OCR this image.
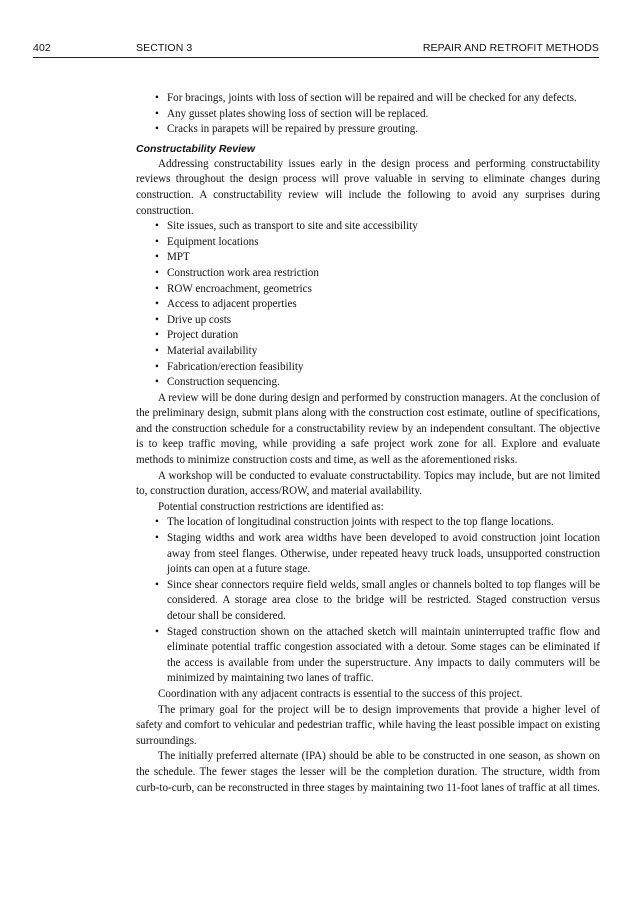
402	SECTION 3	REPAIR AND RETROFIT METHODS
• For bracings, joints with loss of section will be repaired and will be checked for any defects.
• Any gusset plates showing loss of section will be replaced.
• Cracks in parapets will be repaired by pressure grouting.
Constructability Review

Addressing constructability issues early in the design process and performing constructability reviews throughout the design process will prove valuable in serving to eliminate changes during construction. A constructability review will include the following to avoid any surprises during construction.

• Site issues, such as transport to site and site accessibility
• Equipment locations
• MPT
• Construction work area restriction
• ROW encroachment, geometrics
• Access to adjacent properties
• Drive up costs
• Project duration
• Material availability
• Fabrication/erection feasibility
• Construction sequencing.

A review will be done during design and performed by construction managers. At the conclusion of the preliminary design, submit plans along with the construction cost estimate, outline of specifications, and the construction schedule for a constructability review by an independent consultant. The objective is to keep traffic moving, while providing a safe project work zone for all. Explore and evaluate methods to minimize construction costs and time, as well as the aforementioned risks.

A workshop will be conducted to evaluate constructability. Topics may include, but are not limited to, construction duration, access/ROW, and material availability.

Potential construction restrictions are identified as:

• The location of longitudinal construction joints with respect to the top flange locations.
• Staging widths and work area widths have been developed to avoid construction joint location away from steel flanges. Otherwise, under repeated heavy truck loads, unsupported construction joints can open at a future stage.
• Since shear connectors require field welds, small angles or channels bolted to top flanges will be considered. A storage area close to the bridge will be restricted. Staged construction versus detour shall be considered.
• Staged construction shown on the attached sketch will maintain uninterrupted traffic flow and eliminate potential traffic congestion associated with a detour. Some stages can be eliminated if the access is available from under the superstructure. Any impacts to daily commuters will be minimized by maintaining two lanes of traffic.

Coordination with any adjacent contracts is essential to the success of this project.

The primary goal for the project will be to design improvements that provide a higher level of safety and comfort to vehicular and pedestrian traffic, while having the least possible impact on existing surroundings.

The initially preferred alternate (IPA) should be able to be constructed in one season, as shown on the schedule. The fewer stages the lesser will be the completion duration. The structure, width from curb-to-curb, can be reconstructed in three stages by maintaining two 11-foot lanes of traffic at all times.
